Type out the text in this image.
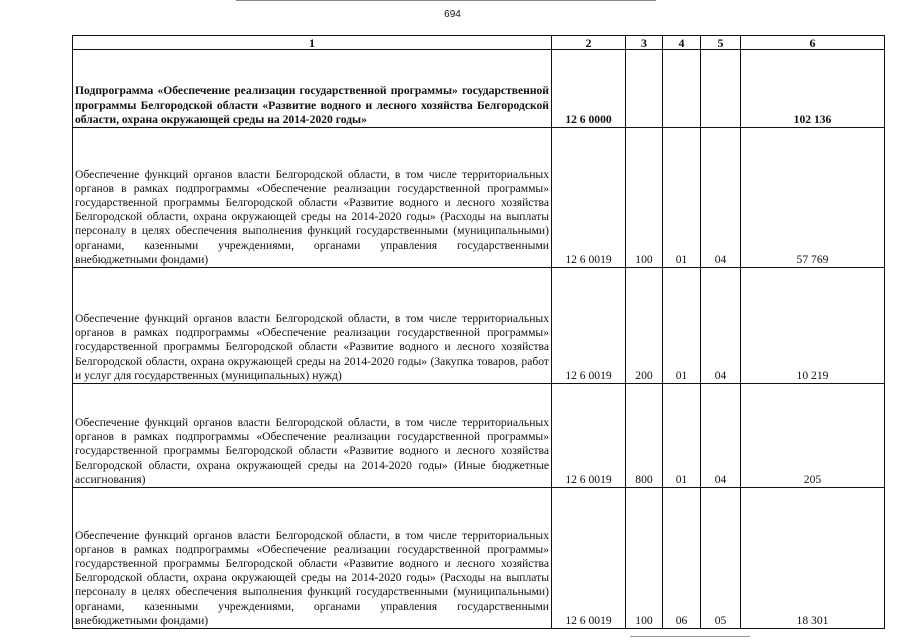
694
1	2	3	4	5	6
Подпрограмма «Обеспечение реализации государственной программы» государственной программы Белгородской области «Развитие водного и лесного хозяйства Белгородской области, охрана окружающей среды на 2014-2020 годы»	12 6 0000				102 136
Обеспечение функций органов власти Белгородской области, в том числе территориальных органов в рамках подпрограммы «Обеспечение реализации государственной программы» государственной программы Белгородской области «Развитие водного и лесного хозяйства Белгородской области, охрана окружающей среды на 2014-2020 годы» (Расходы на выплаты персоналу в целях обеспечения выполнения функций государственными (муниципальными) органами, казенными учреждениями, органами управления государственными внебюджетными фондами)	12 6 0019	100	01	04	57 769
Обеспечение функций органов власти Белгородской области, в том числе территориальных органов в рамках подпрограммы «Обеспечение реализации государственной программы» государственной программы Белгородской области «Развитие водного и лесного хозяйства Белгородской области, охрана окружающей среды на 2014-2020 годы» (Закупка товаров, работ и услуг для государственных (муниципальных) нужд)	12 6 0019	200	01	04	10 219
Обеспечение функций органов власти Белгородской области, в том числе территориальных органов в рамках подпрограммы «Обеспечение реализации государственной программы» государственной программы Белгородской области «Развитие водного и лесного хозяйства Белгородской области, охрана окружающей среды на 2014-2020 годы» (Иные бюджетные ассигнования)	12 6 0019	800	01	04	205
Обеспечение функций органов власти Белгородской области, в том числе территориальных органов в рамках подпрограммы «Обеспечение реализации государственной программы» государственной программы Белгородской области «Развитие водного и лесного хозяйства Белгородской области, охрана окружающей среды на 2014-2020 годы» (Расходы на выплаты персоналу в целях обеспечения выполнения функций государственными (муниципальными) органами, казенными учреждениями, органами управления государственными внебюджетными фондами)	12 6 0019	100	06	05	18 301
